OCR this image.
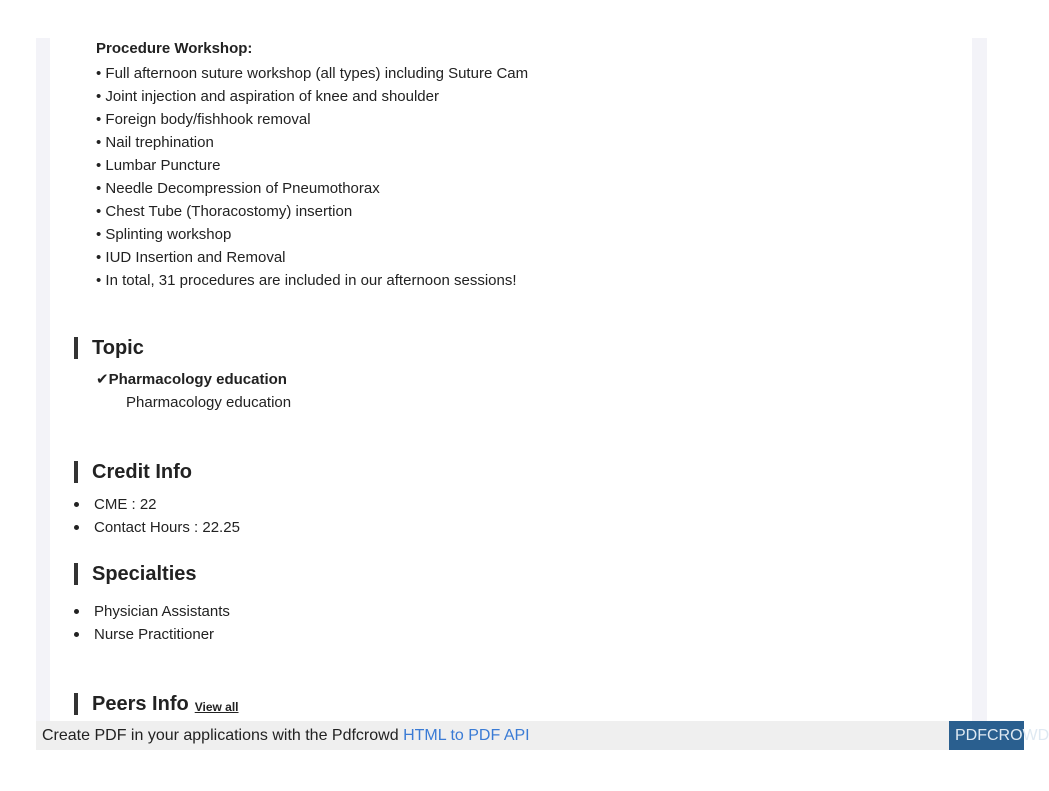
Procedure Workshop:
• Full afternoon suture workshop (all types) including Suture Cam
• Joint injection and aspiration of knee and shoulder
• Foreign body/fishhook removal
• Nail trephination
• Lumbar Puncture
• Needle Decompression of Pneumothorax
• Chest Tube (Thoracostomy) insertion
• Splinting workshop
• IUD Insertion and Removal
• In total, 31 procedures are included in our afternoon sessions!
Topic
✔Pharmacology education
Pharmacology education
Credit Info
CME : 22
Contact Hours : 22.25
Specialties
Physician Assistants
Nurse Practitioner
Peers Info View all
Create PDF in your applications with the Pdfcrowd HTML to PDF API	PDFCROWD
